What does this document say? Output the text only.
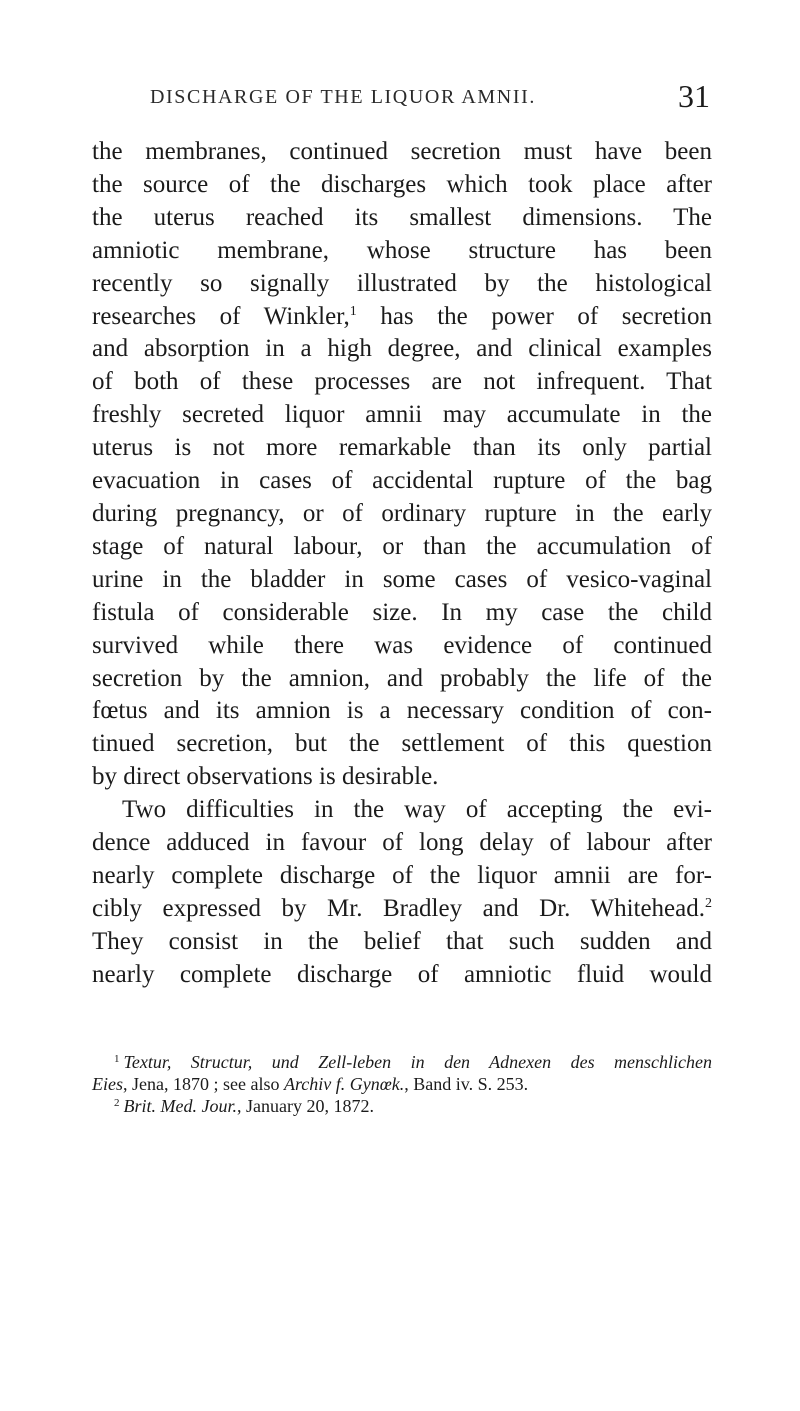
DISCHARGE OF THE LIQUOR AMNII.	31
the membranes, continued secretion must have been
the source of the discharges which took place after
the uterus reached its smallest dimensions. The
amniotic membrane, whose structure has been
recently so signally illustrated by the histological
researches of Winkler,$^1$ has the power of secretion
and absorption in a high degree, and clinical examples
of both of these processes are not infrequent. That
freshly secreted liquor amnii may accumulate in the
uterus is not more remarkable than its only partial
evacuation in cases of accidental rupture of the bag
during pregnancy, or of ordinary rupture in the early
stage of natural labour, or than the accumulation of
urine in the bladder in some cases of vesico-vaginal
fistula of considerable size. In my case the child
survived while there was evidence of continued
secretion by the amnion, and probably the life of the
fœtus and its amnion is a necessary condition of con-
tinued secretion, but the settlement of this question
by direct observations is desirable.
Two difficulties in the way of accepting the evi-
dence adduced in favour of long delay of labour after
nearly complete discharge of the liquor amnii are for-
cibly expressed by Mr. Bradley and Dr. Whitehead.$^2$
They consist in the belief that such sudden and
nearly complete discharge of amniotic fluid would
$^1$ Textur, Structur, und Zell-leben in den Adnexen des menschlichen
Eies, Jena, 1870 ; see also Archiv f. Gynœk., Band iv. S. 253.
$^2$ Brit. Med. Jour., January 20, 1872.
